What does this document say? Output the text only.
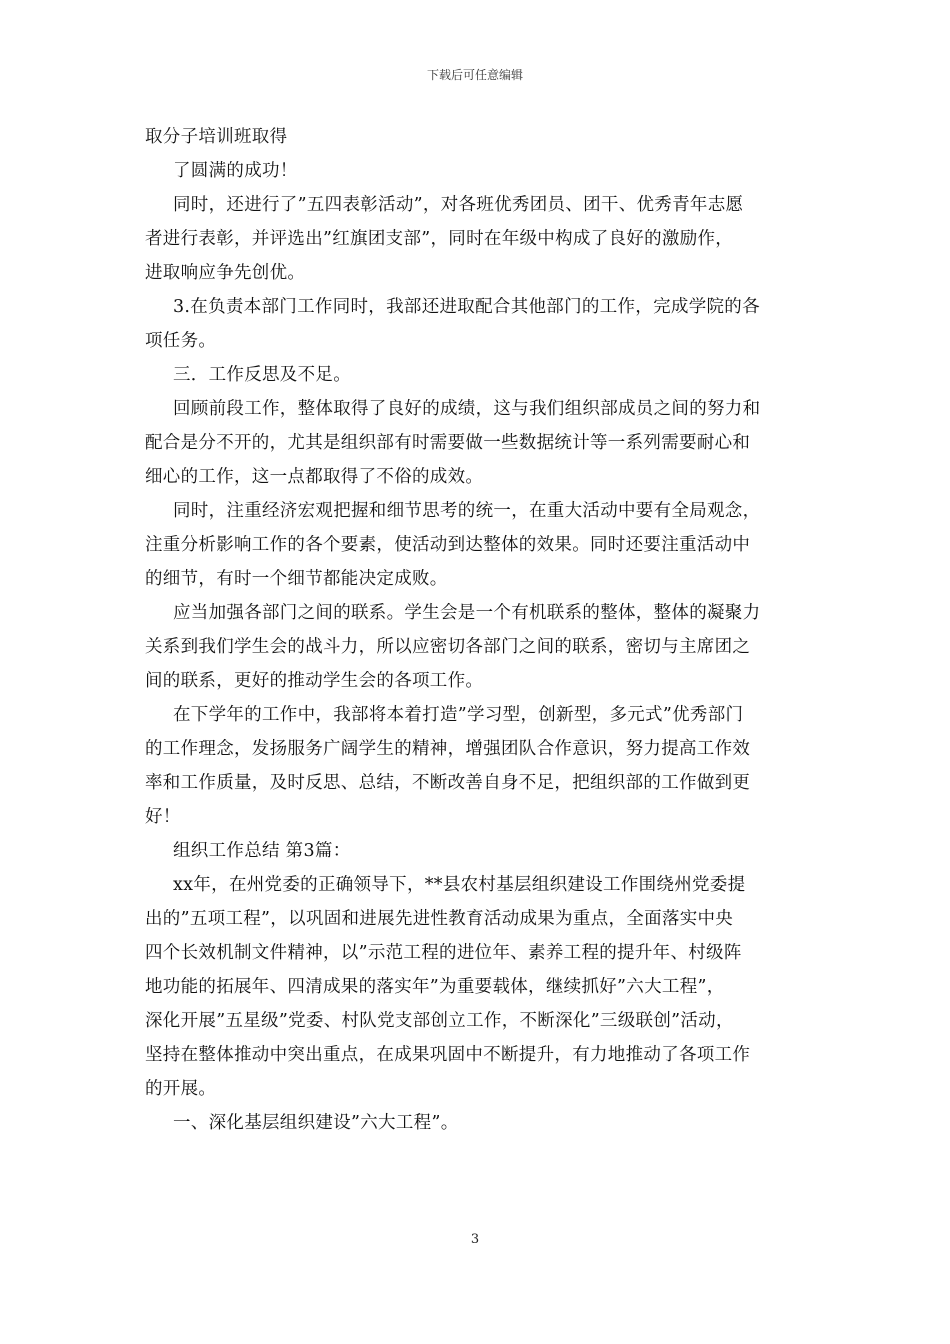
下载后可任意编辑
取分子培训班取得
了圆满的成功！
同时，还进行了”五四表彰活动”，对各班优秀团员、团干、优秀青年志愿
者进行表彰，并评选出”红旗团支部”，同时在年级中构成了良好的激励作，
进取响应争先创优。
3.在负责本部门工作同时，我部还进取配合其他部门的工作，完成学院的各
项任务。
三．工作反思及不足。
回顾前段工作，整体取得了良好的成绩，这与我们组织部成员之间的努力和
配合是分不开的，尤其是组织部有时需要做一些数据统计等一系列需要耐心和
细心的工作，这一点都取得了不俗的成效。
同时，注重经济宏观把握和细节思考的统一，在重大活动中要有全局观念，
注重分析影响工作的各个要素，使活动到达整体的效果。同时还要注重活动中
的细节，有时一个细节都能决定成败。
应当加强各部门之间的联系。学生会是一个有机联系的整体，整体的凝聚力
关系到我们学生会的战斗力，所以应密切各部门之间的联系，密切与主席团之
间的联系，更好的推动学生会的各项工作。
在下学年的工作中，我部将本着打造”学习型，创新型，多元式”优秀部门
的工作理念，发扬服务广阔学生的精神，增强团队合作意识，努力提高工作效
率和工作质量，及时反思、总结，不断改善自身不足，把组织部的工作做到更
好！
组织工作总结 第3篇：
xx年，在州党委的正确领导下，**县农村基层组织建设工作围绕州党委提
出的”五项工程”，以巩固和进展先进性教育活动成果为重点，全面落实中央
四个长效机制文件精神，以”示范工程的进位年、素养工程的提升年、村级阵
地功能的拓展年、四清成果的落实年”为重要载体，继续抓好”六大工程”，
深化开展”五星级”党委、村队党支部创立工作，不断深化”三级联创”活动，
坚持在整体推动中突出重点，在成果巩固中不断提升，有力地推动了各项工作
的开展。
一、深化基层组织建设”六大工程”。
3
